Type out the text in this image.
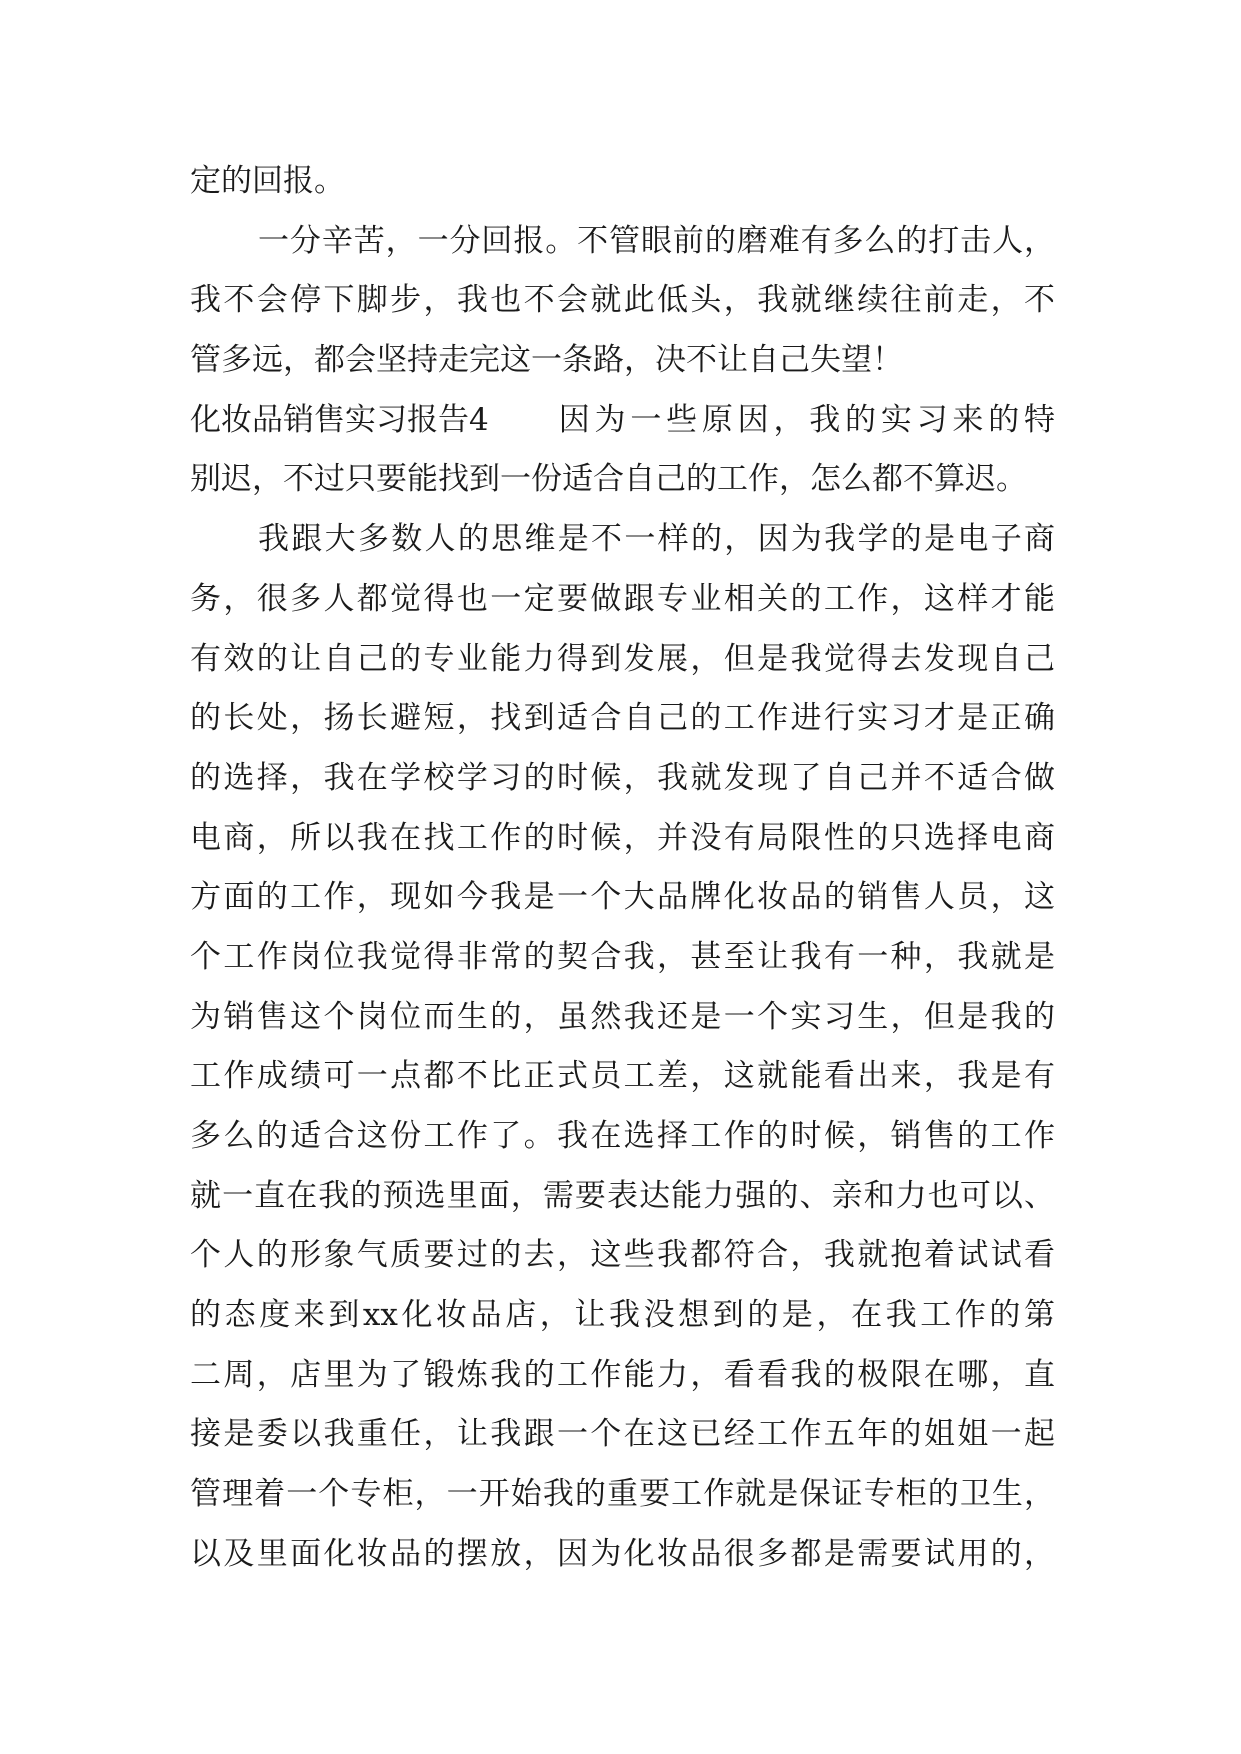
定的回报。
一分辛苦，一分回报。不管眼前的磨难有多么的打击人，
我不会停下脚步，我也不会就此低头，我就继续往前走，不
管多远，都会坚持走完这一条路，决不让自己失望！
化妆品销售实习报告4 因为一些原因，我的实习来的特
别迟，不过只要能找到一份适合自己的工作，怎么都不算迟。
我跟大多数人的思维是不一样的，因为我学的是电子商
务，很多人都觉得也一定要做跟专业相关的工作，这样才能
有效的让自己的专业能力得到发展，但是我觉得去发现自己
的长处，扬长避短，找到适合自己的工作进行实习才是正确
的选择，我在学校学习的时候，我就发现了自己并不适合做
电商，所以我在找工作的时候，并没有局限性的只选择电商
方面的工作，现如今我是一个大品牌化妆品的销售人员，这
个工作岗位我觉得非常的契合我，甚至让我有一种，我就是
为销售这个岗位而生的，虽然我还是一个实习生，但是我的
工作成绩可一点都不比正式员工差，这就能看出来，我是有
多么的适合这份工作了。我在选择工作的时候，销售的工作
就一直在我的预选里面，需要表达能力强的、亲和力也可以、
个人的形象气质要过的去，这些我都符合，我就抱着试试看
的态度来到xx化妆品店，让我没想到的是，在我工作的第
二周，店里为了锻炼我的工作能力，看看我的极限在哪，直
接是委以我重任，让我跟一个在这已经工作五年的姐姐一起
管理着一个专柜，一开始我的重要工作就是保证专柜的卫生，
以及里面化妆品的摆放，因为化妆品很多都是需要试用的，
